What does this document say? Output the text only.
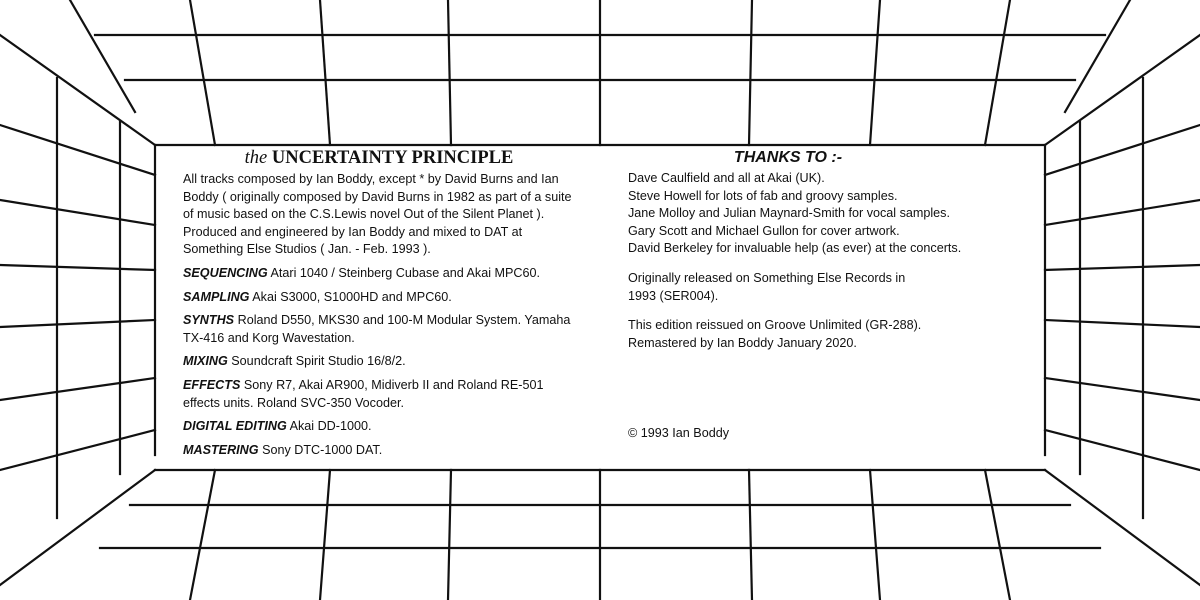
the UNCERTAINTY PRINCIPLE

All tracks composed by Ian Boddy, except * by David Burns and Ian Boddy ( originally composed by David Burns in 1982 as part of a suite of music based on the C.S.Lewis novel Out of the Silent Planet ). Produced and engineered by Ian Boddy and mixed to DAT at Something Else Studios ( Jan. - Feb. 1993 ).

SEQUENCING Atari 1040 / Steinberg Cubase and Akai MPC60.

SAMPLING Akai S3000, S1000HD and MPC60.

SYNTHS Roland D550, MKS30 and 100-M Modular System. Yamaha TX-416 and Korg Wavestation.

MIXING Soundcraft Spirit Studio 16/8/2.

EFFECTS Sony R7, Akai AR900, Midiverb II and Roland RE-501 effects units. Roland SVC-350 Vocoder.

DIGITAL EDITING Akai DD-1000.

MASTERING Sony DTC-1000 DAT.

THANKS TO :-
Dave Caulfield and all at Akai (UK).
Steve Howell for lots of fab and groovy samples.
Jane Molloy and Julian Maynard-Smith for vocal samples.
Gary Scott and Michael Gullon for cover artwork.
David Berkeley for invaluable help (as ever) at the concerts.

Originally released on Something Else Records in 1993 (SER004).

This edition reissued on Groove Unlimited (GR-288). Remastered by Ian Boddy January 2020.

© 1993 Ian Boddy
